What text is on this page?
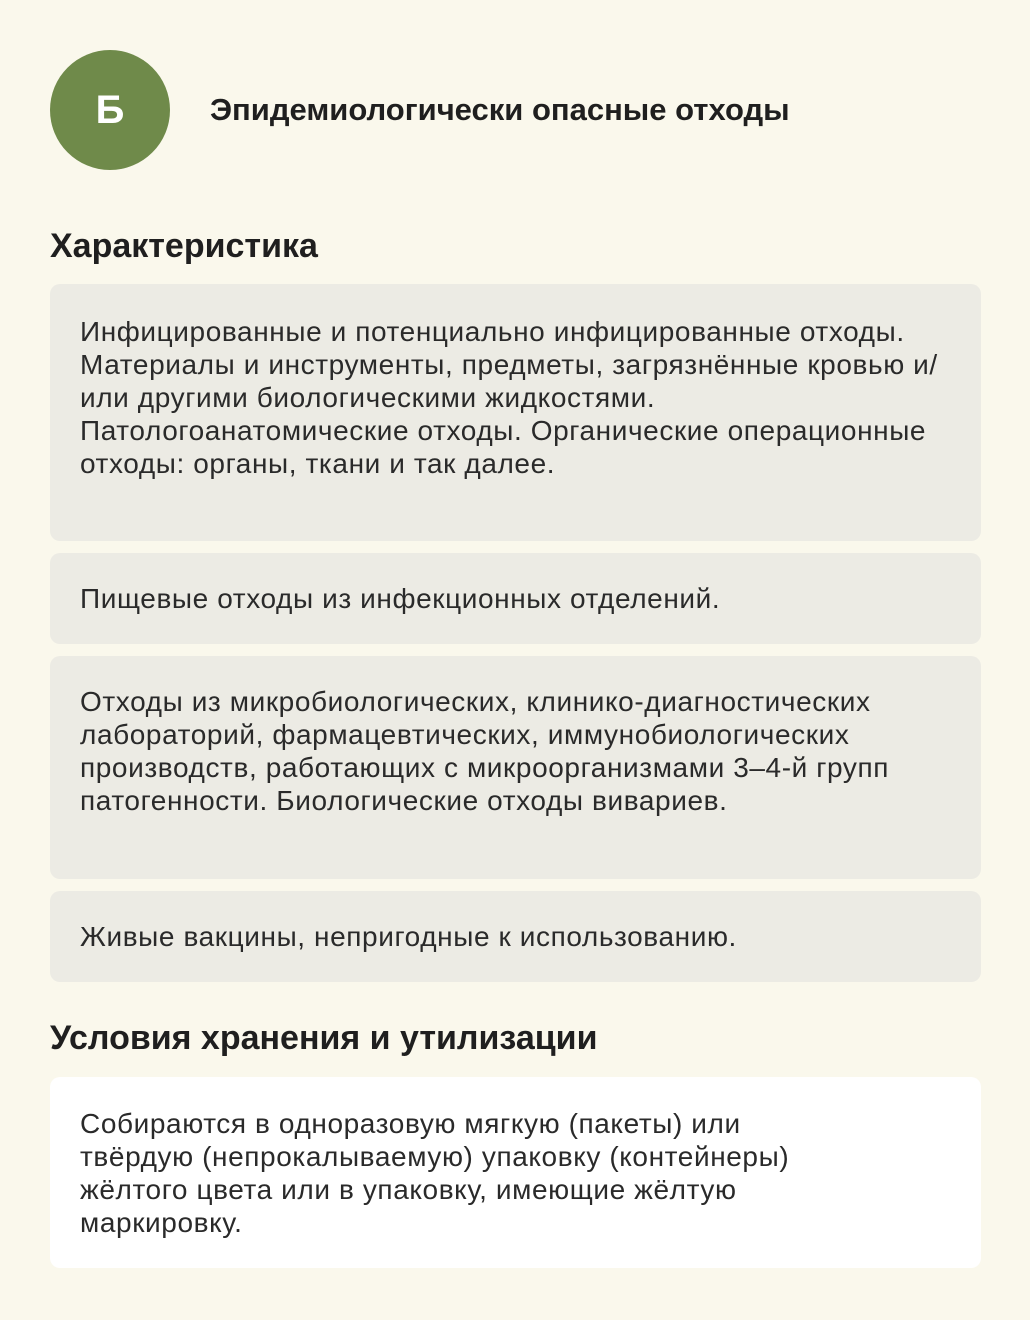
Б	Эпидемиологически опасные отходы
Характеристика

Инфицированные и потенциально инфицированные отходы. Материалы и инструменты, предметы, загрязнённые кровью и/или другими биологическими жидкостями. Патологоанатомические отходы. Органические операционные отходы: органы, ткани и так далее.

Пищевые отходы из инфекционных отделений.

Отходы из микробиологических, клинико-диагностических лабораторий, фармацевтических, иммунобиологических производств, работающих с микроорганизмами 3–4-й групп патогенности. Биологические отходы вивариев.

Живые вакцины, непригодные к использованию.

Условия хранения и утилизации

Собираются в одноразовую мягкую (пакеты) или твёрдую (непрокалываемую) упаковку (контейнеры) жёлтого цвета или в упаковку, имеющие жёлтую маркировку.
